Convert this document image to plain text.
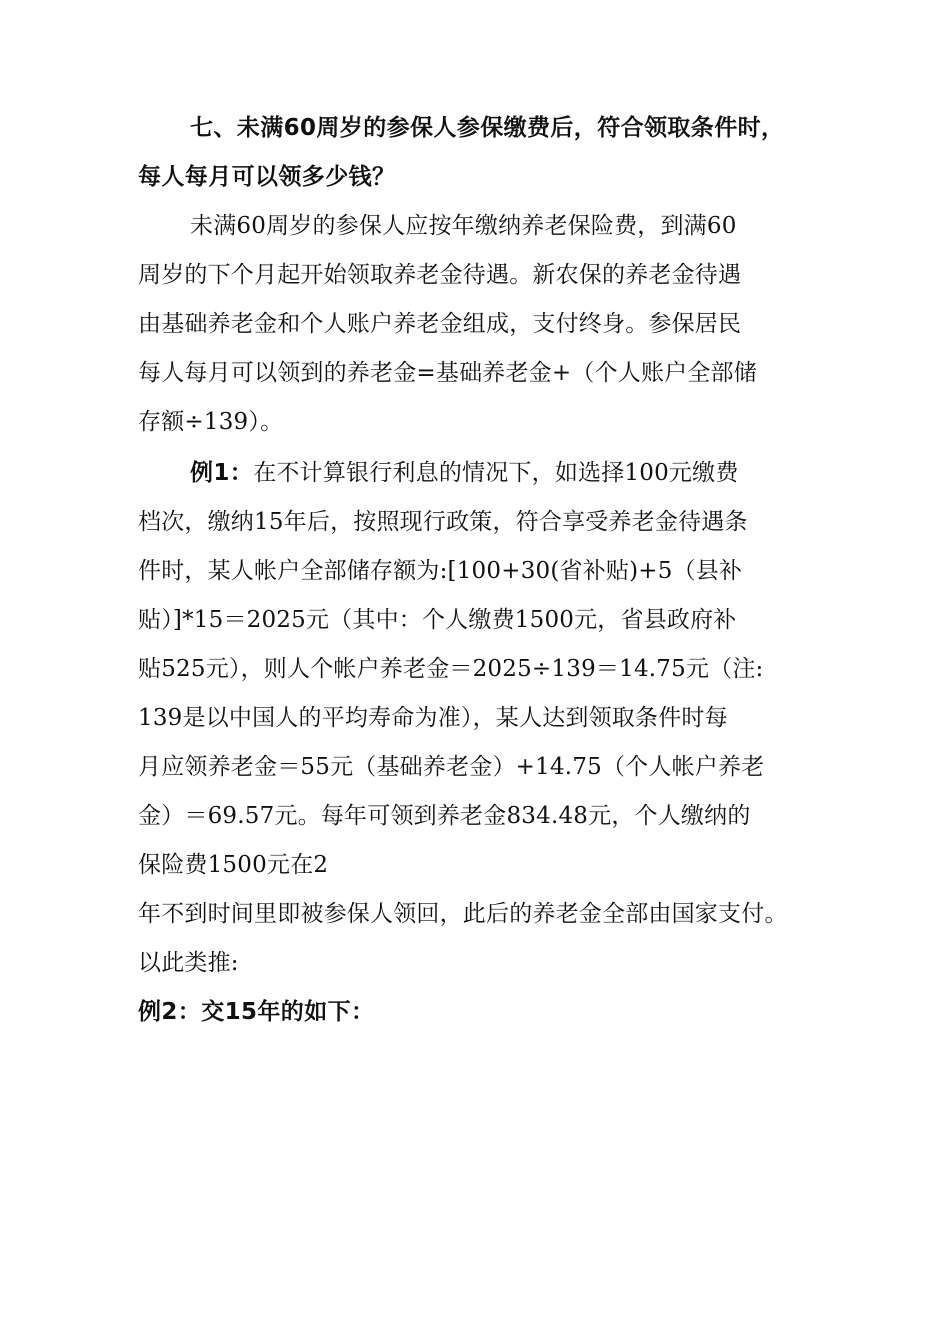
七、未满60周岁的参保人参保缴费后，符合领取条件时，
每人每月可以领多少钱？
未满60周岁的参保人应按年缴纳养老保险费，到满60
周岁的下个月起开始领取养老金待遇。新农保的养老金待遇
由基础养老金和个人账户养老金组成，支付终身。参保居民
每人每月可以领到的养老金=基础养老金+（个人账户全部储
存额÷139）。
例1：在不计算银行利息的情况下，如选择100元缴费
档次，缴纳15年后，按照现行政策，符合享受养老金待遇条
件时，某人帐户全部储存额为:[100+30(省补贴)+5（县补
贴）]*15＝2025元（其中：个人缴费1500元，省县政府补
贴525元），则人个帐户养老金＝2025÷139＝14.75元（注:
139是以中国人的平均寿命为准），某人达到领取条件时每
月应领养老金＝55元（基础养老金）+14.75（个人帐户养老
金）＝69.57元。每年可领到养老金834.48元，个人缴纳的
保险费1500元在2
年不到时间里即被参保人领回，此后的养老金全部由国家支付。
以此类推:
例2：交15年的如下：
